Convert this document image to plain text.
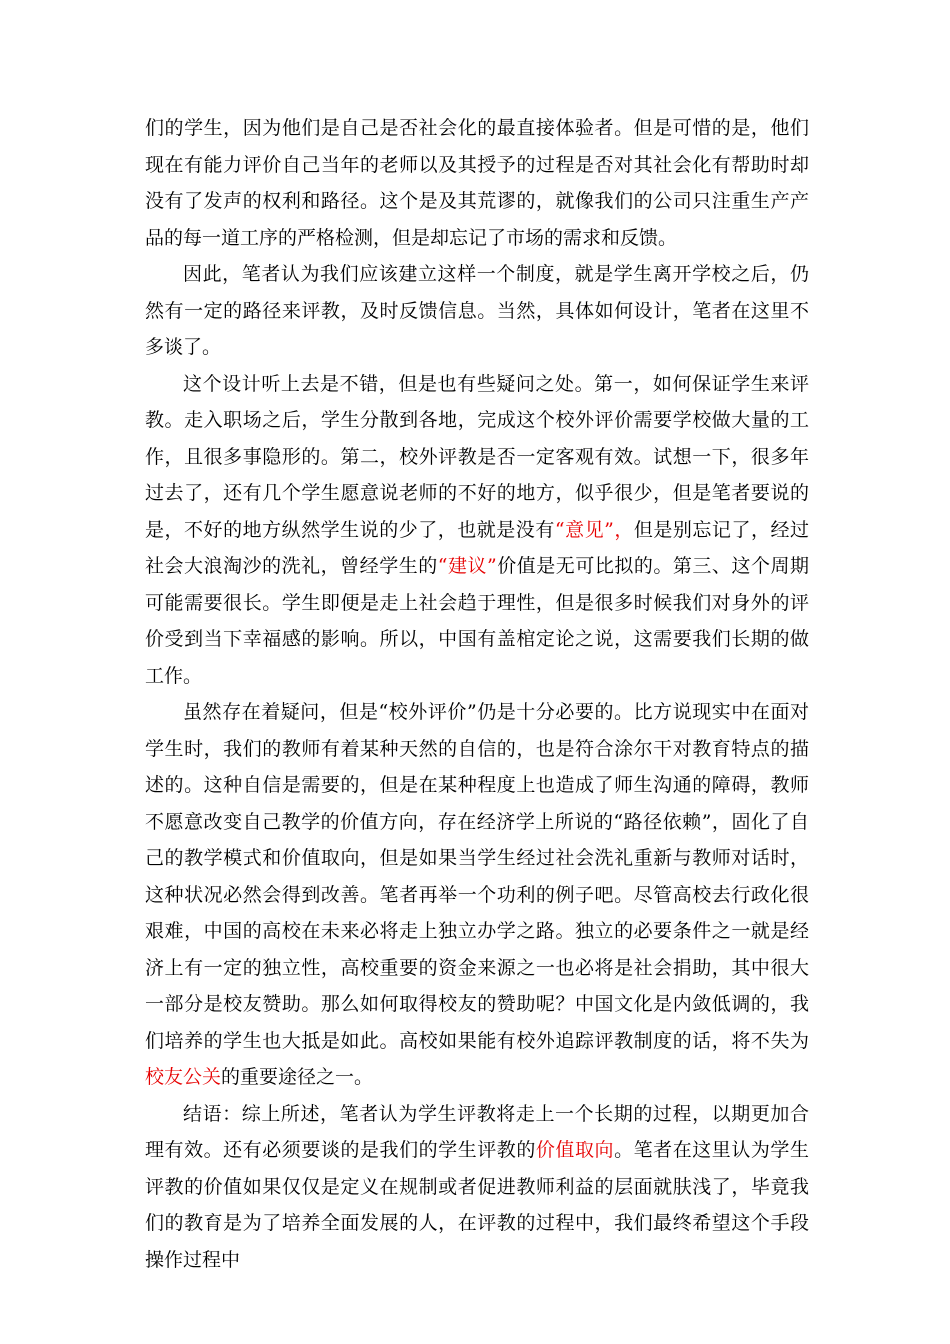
们的学生，因为他们是自己是否社会化的最直接体验者。但是可惜的是，他们现在有能力评价自己当年的老师以及其授予的过程是否对其社会化有帮助时却没有了发声的权利和路径。这个是及其荒谬的，就像我们的公司只注重生产产品的每一道工序的严格检测，但是却忘记了市场的需求和反馈。

因此，笔者认为我们应该建立这样一个制度，就是学生离开学校之后，仍然有一定的路径来评教，及时反馈信息。当然，具体如何设计，笔者在这里不多谈了。

这个设计听上去是不错，但是也有些疑问之处。第一，如何保证学生来评教。走入职场之后，学生分散到各地，完成这个校外评价需要学校做大量的工作，且很多事隐形的。第二，校外评教是否一定客观有效。试想一下，很多年过去了，还有几个学生愿意说老师的不好的地方，似乎很少，但是笔者要说的是，不好的地方纵然学生说的少了，也就是没有“意见”，但是别忘记了，经过社会大浪淘沙的洗礼，曾经学生的“建议”价值是无可比拟的。第三、这个周期可能需要很长。学生即便是走上社会趋于理性，但是很多时候我们对身外的评价受到当下幸福感的影响。所以，中国有盖棺定论之说，这需要我们长期的做工作。

虽然存在着疑问，但是“校外评价”仍是十分必要的。比方说现实中在面对学生时，我们的教师有着某种天然的自信的，也是符合涂尔干对教育特点的描述的。这种自信是需要的，但是在某种程度上也造成了师生沟通的障碍，教师不愿意改变自己教学的价值方向，存在经济学上所说的“路径依赖”，固化了自己的教学模式和价值取向，但是如果当学生经过社会洗礼重新与教师对话时，这种状况必然会得到改善。笔者再举一个功利的例子吧。尽管高校去行政化很艰难，中国的高校在未来必将走上独立办学之路。独立的必要条件之一就是经济上有一定的独立性，高校重要的资金来源之一也必将是社会捐助，其中很大一部分是校友赞助。那么如何取得校友的赞助呢？中国文化是内敛低调的，我们培养的学生也大抵是如此。高校如果能有校外追踪评教制度的话，将不失为校友公关的重要途径之一。

结语：综上所述，笔者认为学生评教将走上一个长期的过程，以期更加合理有效。还有必须要谈的是我们的学生评教的价值取向。笔者在这里认为学生评教的价值如果仅仅是定义在规制或者促进教师利益的层面就肤浅了，毕竟我们的教育是为了培养全面发展的人，在评教的过程中，我们最终希望这个手段操作过程中
